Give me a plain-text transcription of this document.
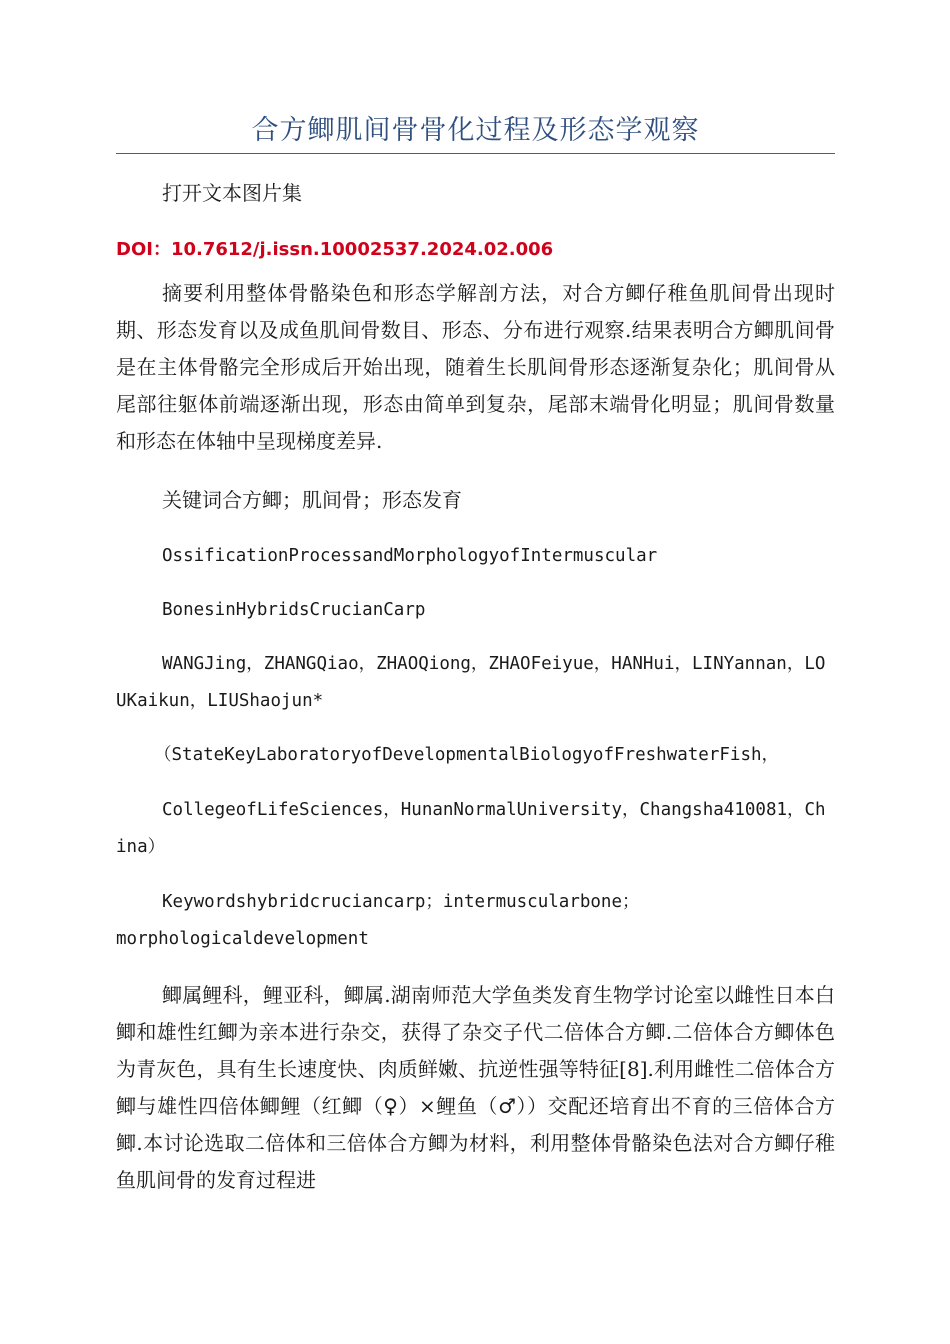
合方鲫肌间骨骨化过程及形态学观察
打开文本图片集
DOI：10.7612/j.issn.10002537.2024.02.006
摘要利用整体骨骼染色和形态学解剖方法，对合方鲫仔稚鱼肌间骨出现时期、形态发育以及成鱼肌间骨数目、形态、分布进行观察.结果表明合方鲫肌间骨是在主体骨骼完全形成后开始出现，随着生长肌间骨形态逐渐复杂化；肌间骨从尾部往躯体前端逐渐出现，形态由简单到复杂，尾部末端骨化明显；肌间骨数量和形态在体轴中呈现梯度差异.
关键词合方鲫；肌间骨；形态发育
OssificationProcessandMorphologyofIntermuscular
BonesinHybridsCrucianCarp
WANGJing，ZHANGQiao，ZHAOQiong，ZHAOFeiyue，HANHui，LINYannan，LOUKaikun，LIUShaojun*
（StateKeyLaboratoryofDevelopmentalBiologyofFreshwaterFish，
CollegeofLifeSciences，HunanNormalUniversity，Changsha410081，China）
Keywordshybridcruciancarp；intermuscularbone；morphologicaldevelopment
鲫属鲤科，鲤亚科，鲫属.湖南师范大学鱼类发育生物学讨论室以雌性日本白鲫和雄性红鲫为亲本进行杂交，获得了杂交子代二倍体合方鲫.二倍体合方鲫体色为青灰色，具有生长速度快、肉质鲜嫩、抗逆性强等特征[8].利用雌性二倍体合方鲫与雄性四倍体鲫鲤（红鲫（♀）×鲤鱼（♂））交配还培育出不育的三倍体合方鲫.本讨论选取二倍体和三倍体合方鲫为材料，利用整体骨骼染色法对合方鲫仔稚鱼肌间骨的发育过程进
